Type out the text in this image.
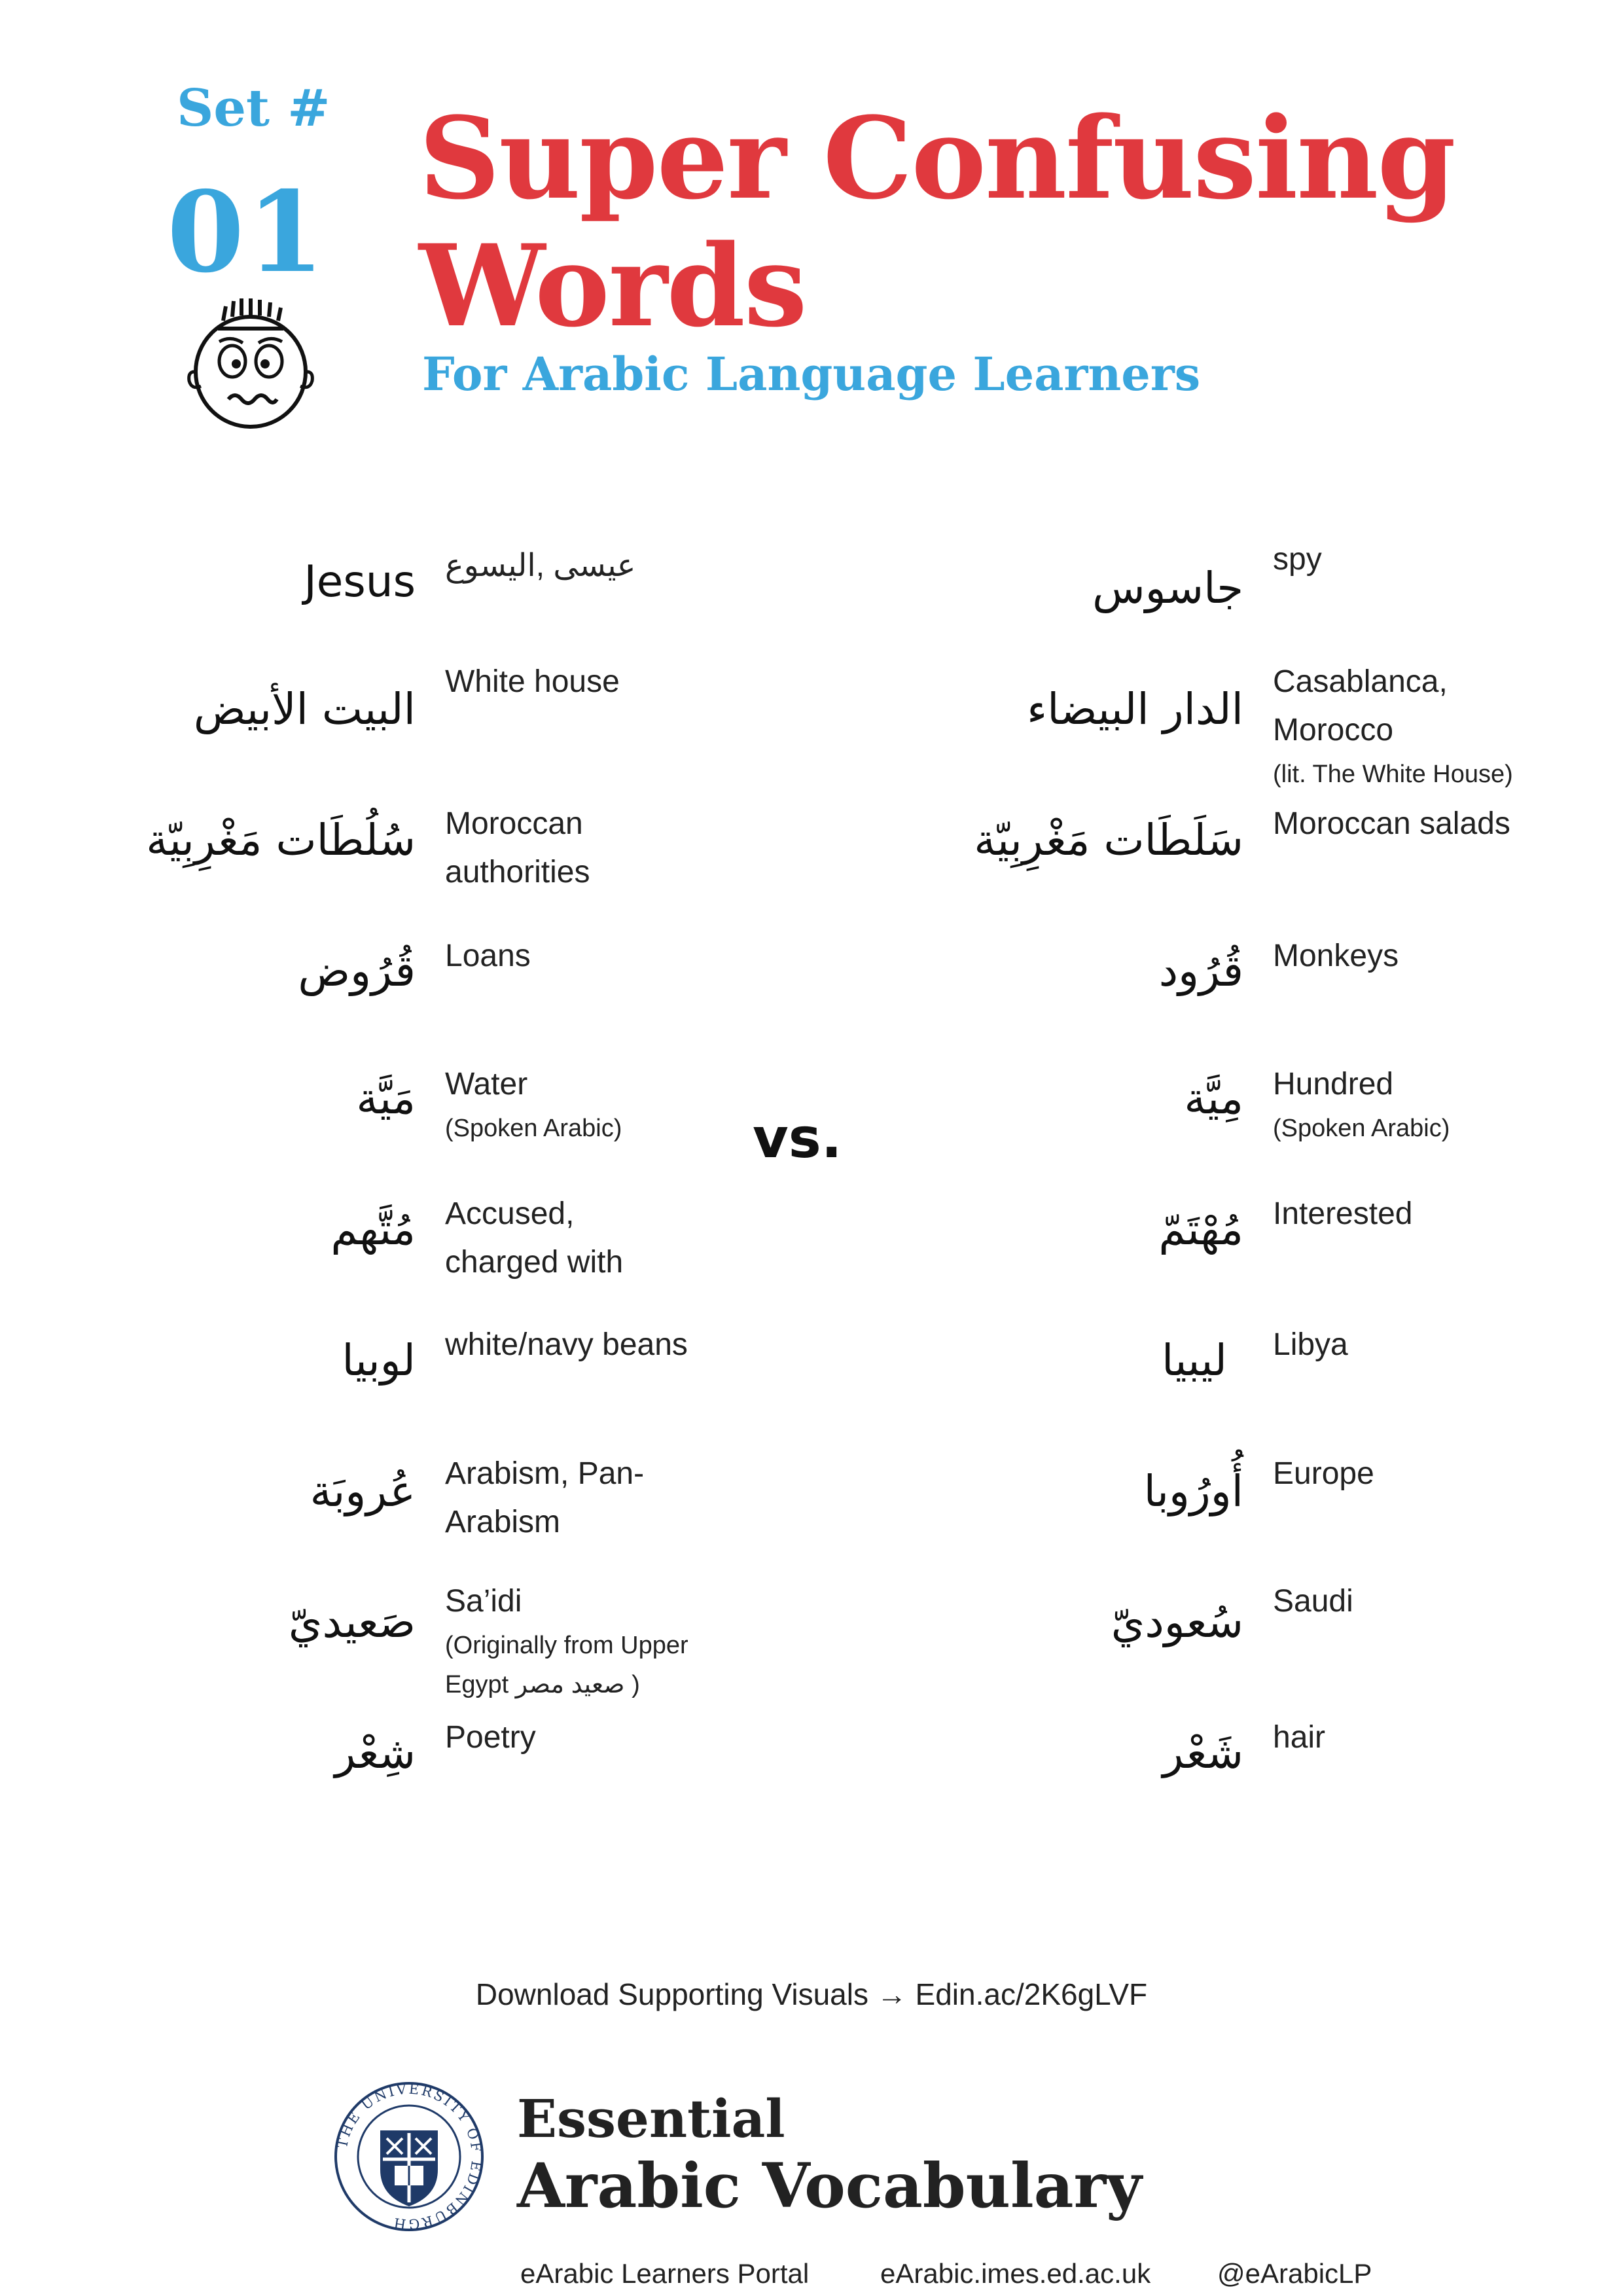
Set #
01
Super Confusing
Words
For Arabic Language Learners
Jesus عيسى ,اليسوع
البيت الأبيض
White house
سُلُطَات مَغْرِبِيّة Moroccan authorities
قُرُوض Loans
مَيَّة Water
(Spoken Arabic)
مُتَّهم Accused, charged with
لوبيا white/navy beans
عُروبَة Arabism, Pan-Arabism
صَعيديّ Sa’idi
(Originally from Upper Egypt صعيد مصر )
شِعْر Poetry
vs.
جاسوس
spy
الدار البيضاء
Casablanca, Morocco
(lit. The White House)
سَلَطَات مَغْرِبِيّة Moroccan salads
قُرُود Monkeys
مِيَّة Hundred
(Spoken Arabic)
مُهْتَمّ Interested
ليبيا Libya
أُورُوبا Europe
سُعوديّ Saudi
شَعْر hair
Download Supporting Visuals → Edin.ac/2K6gLVF
THE UNIVERSITY OF EDINBURGH
Essential
Arabic Vocabulary
eArabic Learners Portal	eArabic.imes.ed.ac.uk @eArabicLP
